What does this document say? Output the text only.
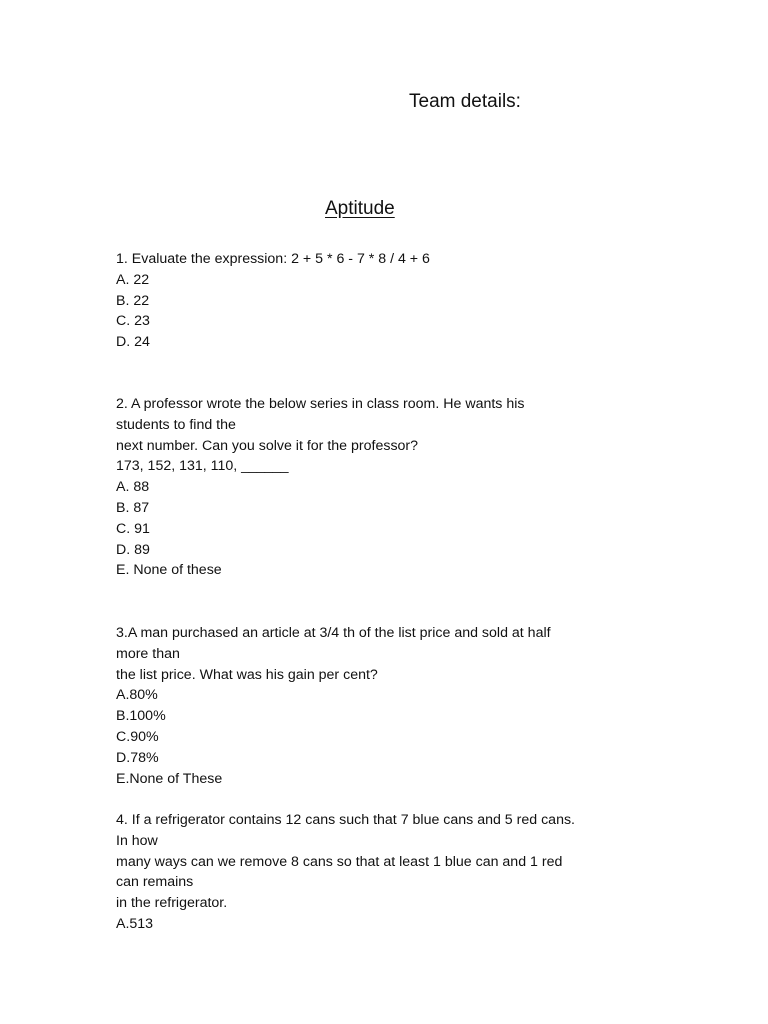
Team details:
Aptitude
1. Evaluate the expression: 2 + 5 * 6 - 7 * 8 / 4 + 6
A. 22
B. 22
C. 23
D. 24
2. A professor wrote the below series in class room. He wants his
students to find the
next number. Can you solve it for the professor?
173, 152, 131, 110, ______
A. 88
B. 87
C. 91
D. 89
E. None of these
3.A man purchased an article at 3/4 th of the list price and sold at half
more than
the list price. What was his gain per cent?
A.80%
B.100%
C.90%
D.78%
E.None of These
4. If a refrigerator contains 12 cans such that 7 blue cans and 5 red cans.
In how
many ways can we remove 8 cans so that at least 1 blue can and 1 red
can remains
in the refrigerator.
A.513
